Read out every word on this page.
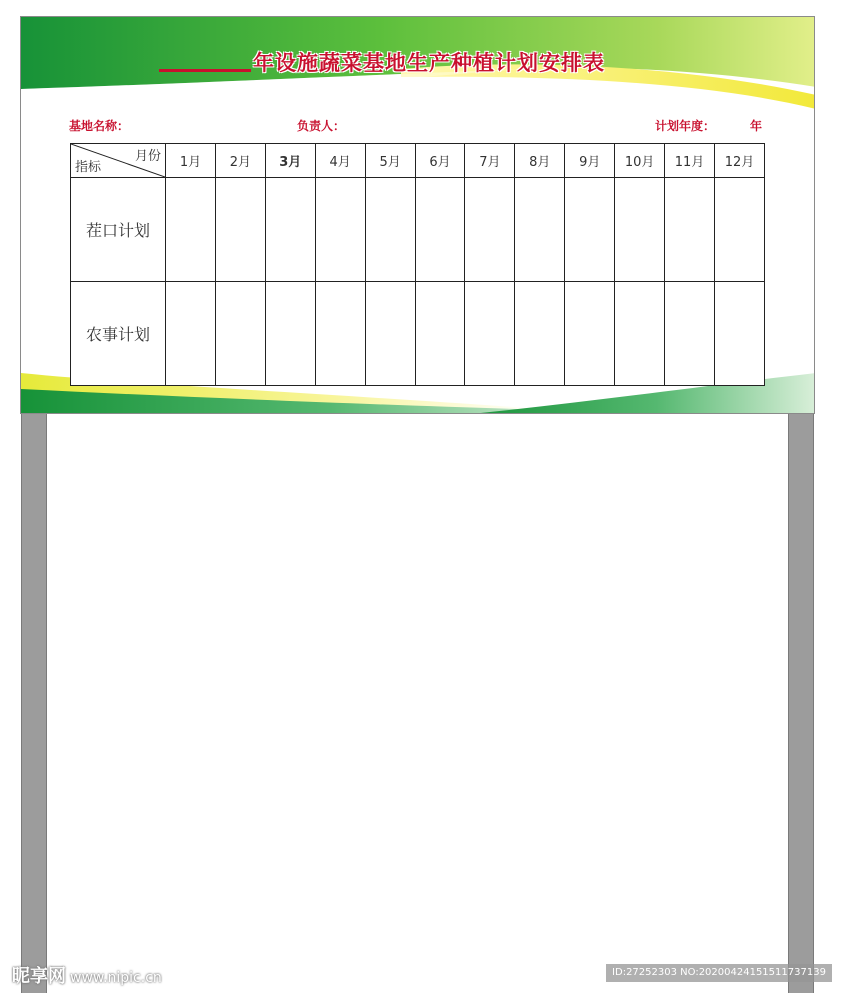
年设施蔬菜基地生产种植计划安排表
基地名称：	负责人：	计划年度：	年
月份
指标	1月	2月	3月	4月	5月	6月	7月	8月	9月	10月	11月	12月
茬口计划												
农事计划												
昵享网 www.nipic.cn	ID:27252303 NO:20200424151511737139
